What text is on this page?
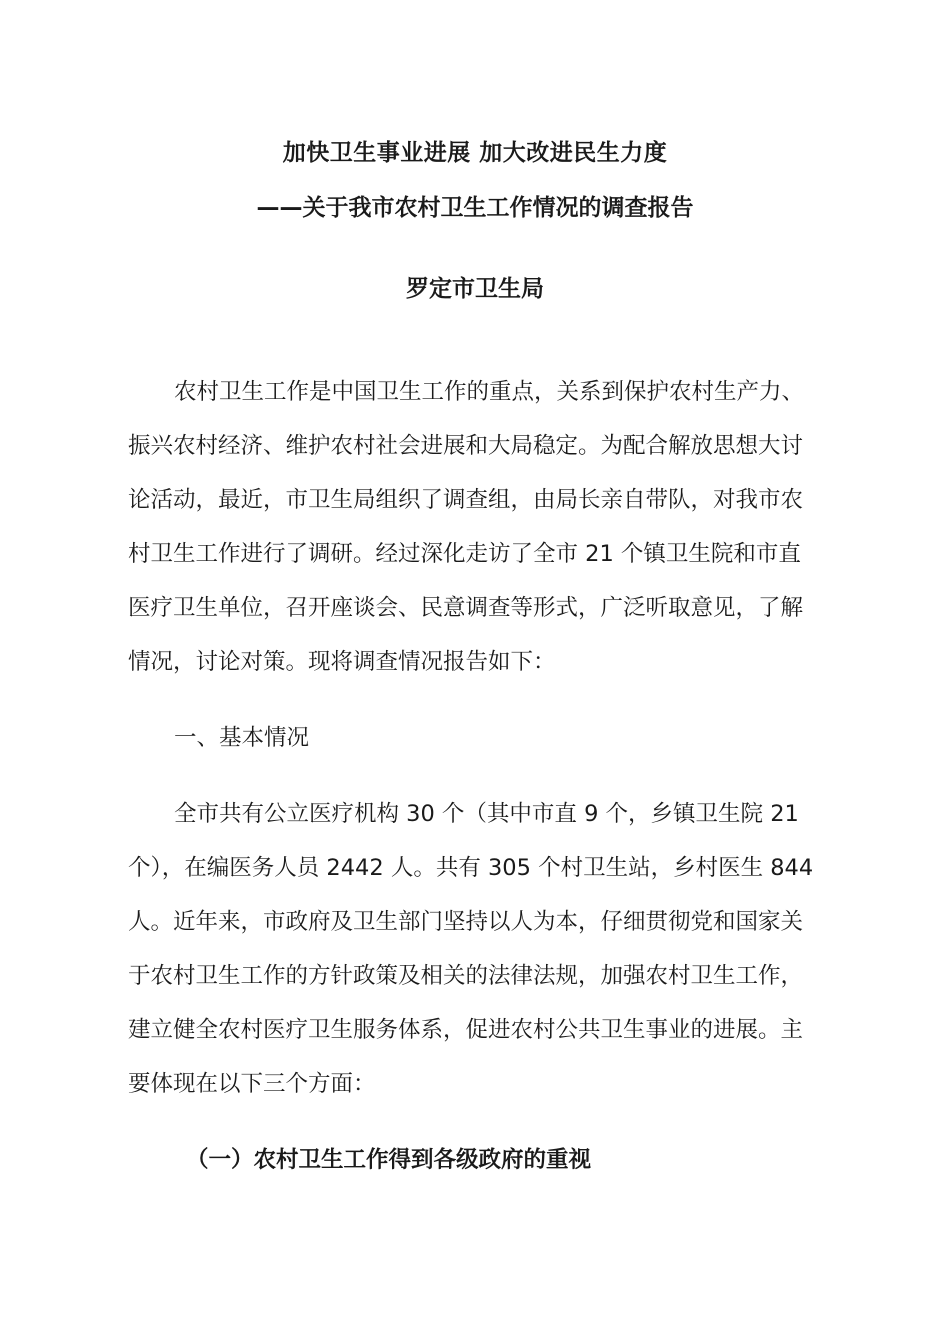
加快卫生事业进展 加大改进民生力度
——关于我市农村卫生工作情况的调查报告
罗定市卫生局
农村卫生工作是中国卫生工作的重点，关系到保护农村生产力、
振兴农村经济、维护农村社会进展和大局稳定。为配合解放思想大讨
论活动，最近，市卫生局组织了调查组，由局长亲自带队，对我市农
村卫生工作进行了调研。经过深化走访了全市 21 个镇卫生院和市直
医疗卫生单位，召开座谈会、民意调查等形式，广泛听取意见，了解
情况，讨论对策。现将调查情况报告如下：
一、基本情况
全市共有公立医疗机构 30 个（其中市直 9 个，乡镇卫生院 21
个），在编医务人员 2442 人。共有 305 个村卫生站，乡村医生 844
人。近年来，市政府及卫生部门坚持以人为本，仔细贯彻党和国家关
于农村卫生工作的方针政策及相关的法律法规，加强农村卫生工作，
建立健全农村医疗卫生服务体系，促进农村公共卫生事业的进展。主
要体现在以下三个方面：
（一）农村卫生工作得到各级政府的重视
